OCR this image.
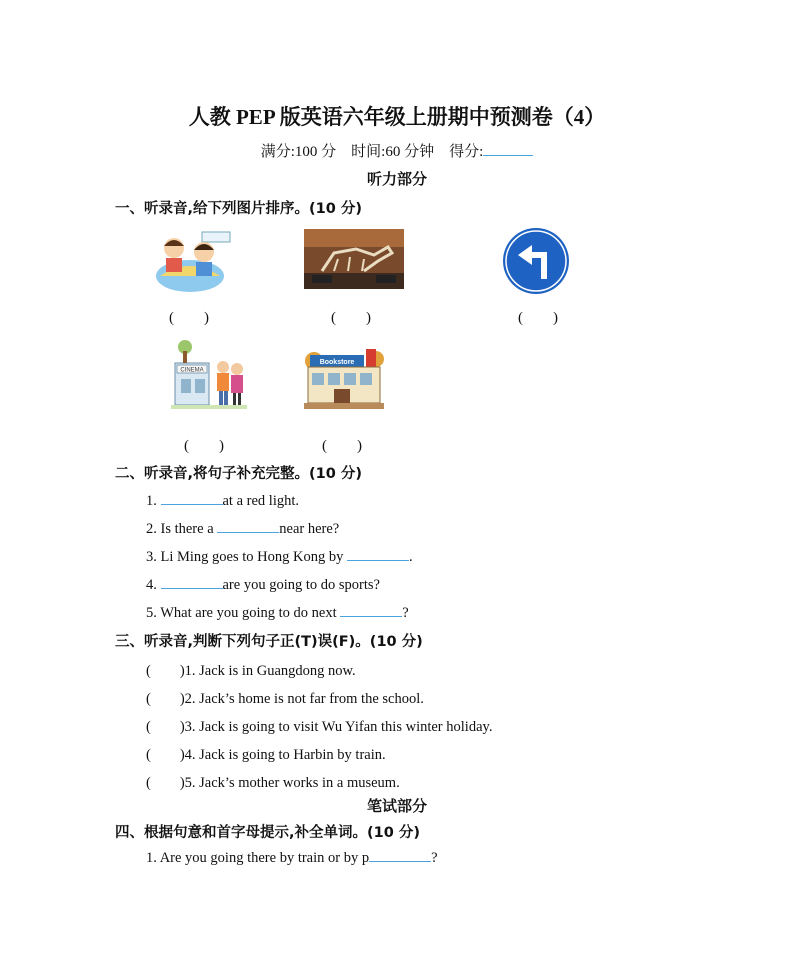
人教 PEP 版英语六年级上册期中预测卷（4）
满分:100 分 时间:60 分钟 得分:
听力部分
一、听录音,给下列图片排序。(10 分)
(　　)	(　　)	(　　)
CINEMA
(　　)
Bookstore
(　　)
二、听录音,将句子补充完整。(10 分)
1.	at a red light.
2. Is there a	near here?
3. Li Ming goes to Hong Kong by	.
4.	are you going to do sports?
5. What are you going to do next	?
三、听录音,判断下列句子正(T)误(F)。(10 分)
(　　)1. Jack is in Guangdong now.
(　　)2. Jack’s home is not far from the school.
(　　)3. Jack is going to visit Wu Yifan this winter holiday.
(　　)4. Jack is going to Harbin by train.
(　　)5. Jack’s mother works in a museum.
笔试部分
四、根据句意和首字母提示,补全单词。(10 分)
1. Are you going there by train or by p	?
